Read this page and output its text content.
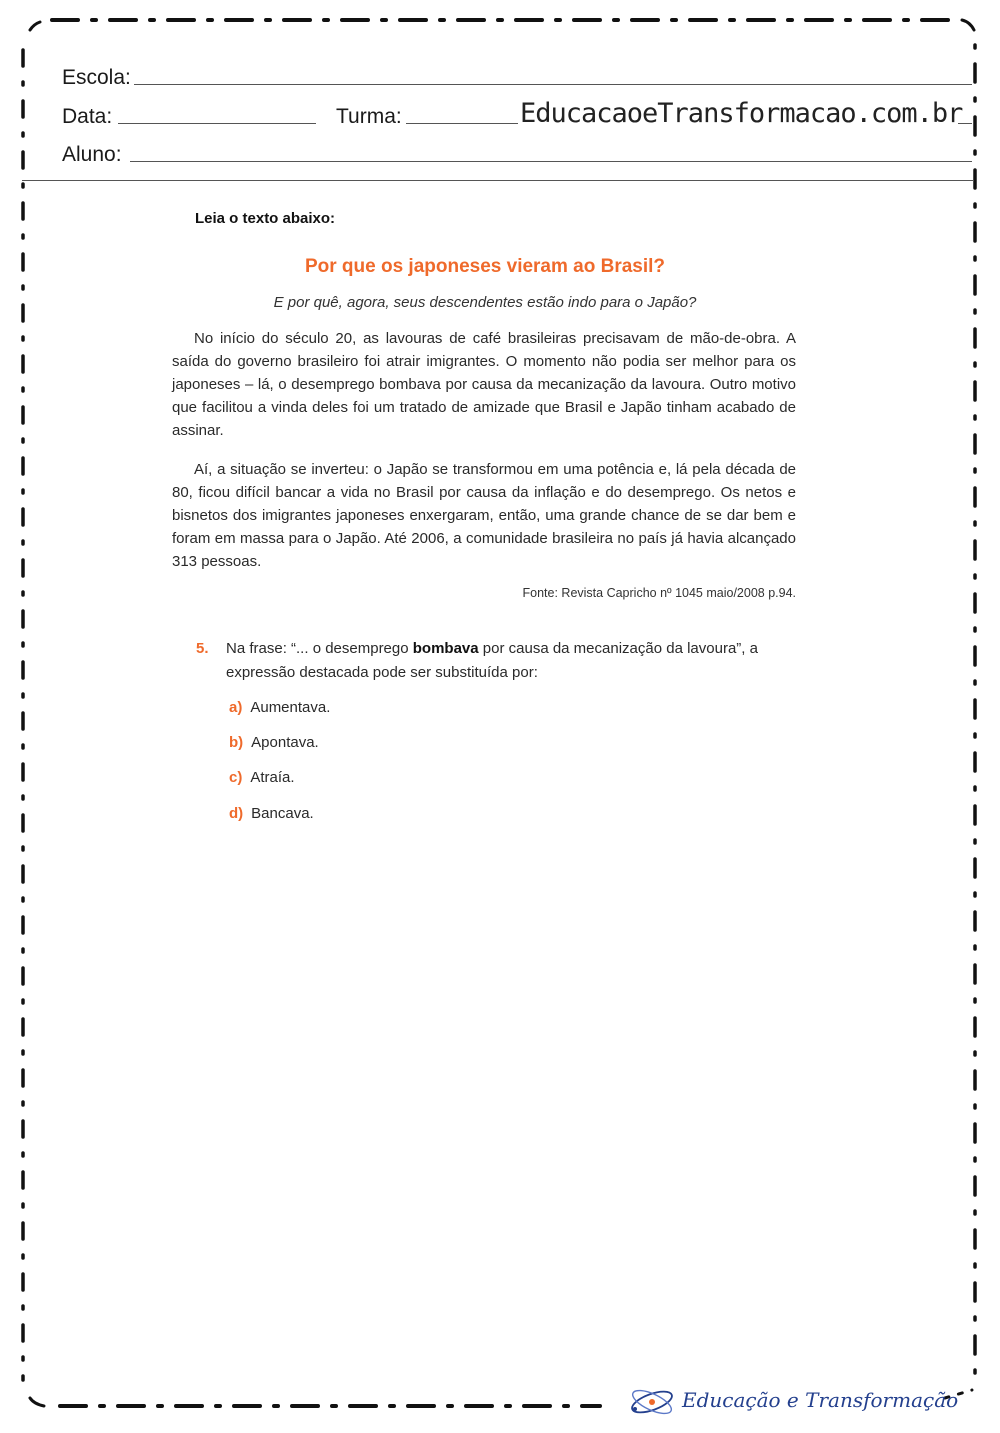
Escola:
Data:	Turma:	EducacaoeTransformacao.com.br
Aluno:
Leia o texto abaixo:
Por que os japoneses vieram ao Brasil?
E por quê, agora, seus descendentes estão indo para o Japão?

No início do século 20, as lavouras de café brasileiras precisavam de mão-de-obra. A saída do governo brasileiro foi atrair imigrantes. O momento não podia ser melhor para os japoneses – lá, o desemprego bombava por causa da mecanização da lavoura. Outro motivo que facilitou a vinda deles foi um tratado de amizade que Brasil e Japão tinham acabado de assinar.

Aí, a situação se inverteu: o Japão se transformou em uma potência e, lá pela década de 80, ficou difícil bancar a vida no Brasil por causa da inflação e do desemprego. Os netos e bisnetos dos imigrantes japoneses enxergaram, então, uma grande chance de se dar bem e foram em massa para o Japão. Até 2006, a comunidade brasileira no país já havia alcançado 313 pessoas.

Fonte: Revista Capricho nº 1045 maio/2008 p.94.
5. Na frase: “... o desemprego bombava por causa da mecanização da lavoura”, a expressão destacada pode ser substituída por:

a) Aumentava.
b) Apontava.
c) Atraía.
d) Bancava.
Educação e Transformação
